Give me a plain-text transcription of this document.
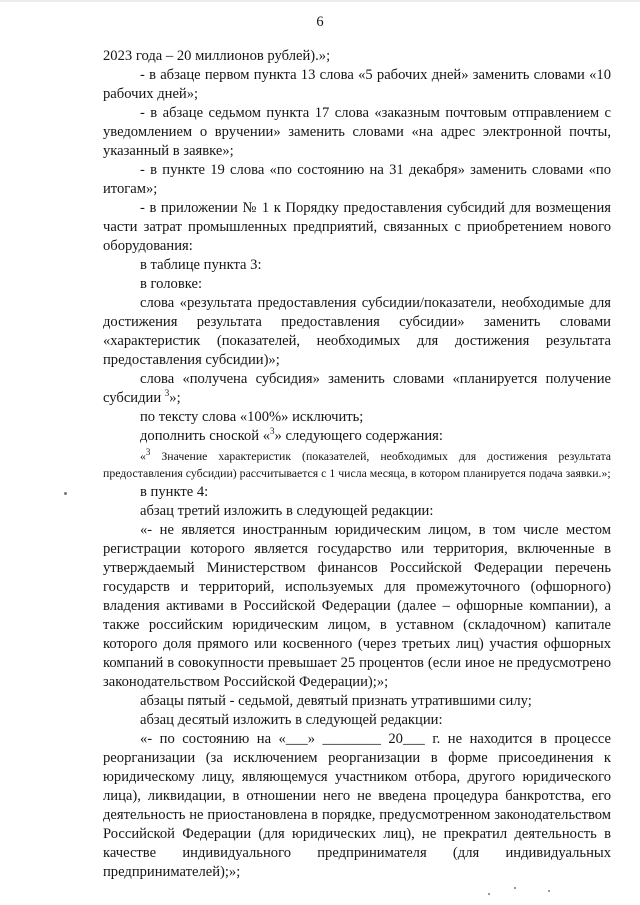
6

2023 года – 20 миллионов рублей).»;

- в абзаце первом пункта 13 слова «5 рабочих дней» заменить словами «10 рабочих дней»;

- в абзаце седьмом пункта 17 слова «заказным почтовым отправлением с уведомлением о вручении» заменить словами «на адрес электронной почты, указанный в заявке»;

- в пункте 19 слова «по состоянию на 31 декабря» заменить словами «по итогам»;

- в приложении № 1 к Порядку предоставления субсидий для возмещения части затрат промышленных предприятий, связанных с приобретением нового оборудования:

в таблице пункта 3:

в головке:

слова «результата предоставления субсидии/показатели, необходимые для достижения результата предоставления субсидии» заменить словами «характеристик (показателей, необходимых для достижения результата предоставления субсидии)»;

слова «получена субсидия» заменить словами «планируется получение субсидии $^3$»;

по тексту слова «100%» исключить;

дополнить сноской «$^3$» следующего содержания:

«$^3$ Значение характеристик (показателей, необходимых для достижения результата предоставления субсидии) рассчитывается с 1 числа месяца, в котором планируется подача заявки.»;

в пункте 4:

абзац третий изложить в следующей редакции:

«- не является иностранным юридическим лицом, в том числе местом регистрации которого является государство или территория, включенные в утверждаемый Министерством финансов Российской Федерации перечень государств и территорий, используемых для промежуточного (офшорного) владения активами в Российской Федерации (далее – офшорные компании), а также российским юридическим лицом, в уставном (складочном) капитале которого доля прямого или косвенного (через третьих лиц) участия офшорных компаний в совокупности превышает 25 процентов (если иное не предусмотрено законодательством Российской Федерации);»;

абзацы пятый - седьмой, девятый признать утратившими силу;

абзац десятый изложить в следующей редакции:

«- по состоянию на «___» ________ 20___ г. не находится в процессе реорганизации (за исключением реорганизации в форме присоединения к юридическому лицу, являющемуся участником отбора, другого юридического лица), ликвидации, в отношении него не введена процедура банкротства, его деятельность не приостановлена в порядке, предусмотренном законодательством Российской Федерации (для юридических лиц), не прекратил деятельность в качестве индивидуального предпринимателя (для индивидуальных предпринимателей);»;
